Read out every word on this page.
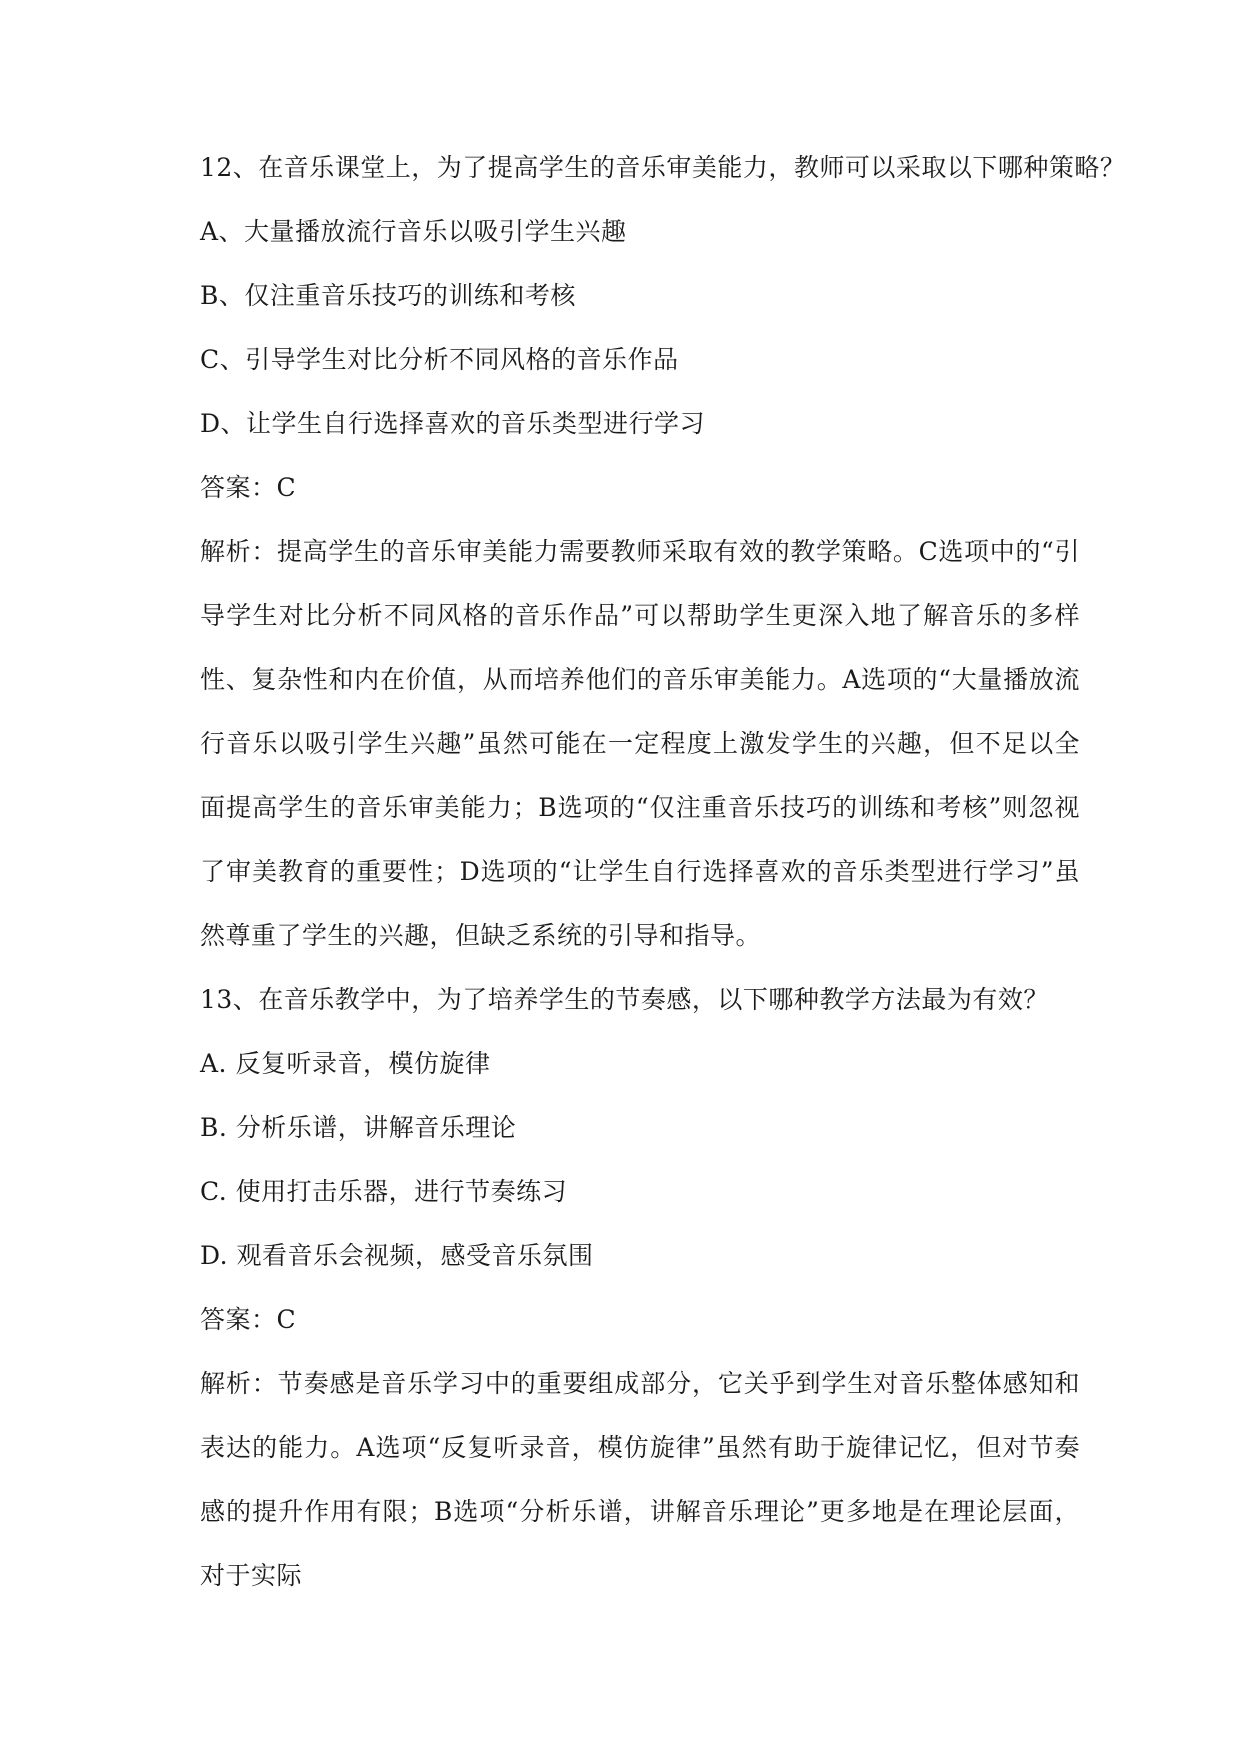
12、在音乐课堂上，为了提高学生的音乐审美能力，教师可以采取以下哪种策略？
A、大量播放流行音乐以吸引学生兴趣
B、仅注重音乐技巧的训练和考核
C、引导学生对比分析不同风格的音乐作品
D、让学生自行选择喜欢的音乐类型进行学习
答案：C
解析：提高学生的音乐审美能力需要教师采取有效的教学策略。C选项中的“引导学生对比分析不同风格的音乐作品”可以帮助学生更深入地了解音乐的多样性、复杂性和内在价值，从而培养他们的音乐审美能力。A选项的“大量播放流行音乐以吸引学生兴趣”虽然可能在一定程度上激发学生的兴趣，但不足以全面提高学生的音乐审美能力；B选项的“仅注重音乐技巧的训练和考核”则忽视了审美教育的重要性；D选项的“让学生自行选择喜欢的音乐类型进行学习”虽然尊重了学生的兴趣，但缺乏系统的引导和指导。
13、在音乐教学中，为了培养学生的节奏感，以下哪种教学方法最为有效？
A. 反复听录音，模仿旋律
B. 分析乐谱，讲解音乐理论
C. 使用打击乐器，进行节奏练习
D. 观看音乐会视频，感受音乐氛围
答案：C
解析：节奏感是音乐学习中的重要组成部分，它关乎到学生对音乐整体感知和表达的能力。A选项“反复听录音，模仿旋律”虽然有助于旋律记忆，但对节奏感的提升作用有限；B选项“分析乐谱，讲解音乐理论”更多地是在理论层面，对于实际
